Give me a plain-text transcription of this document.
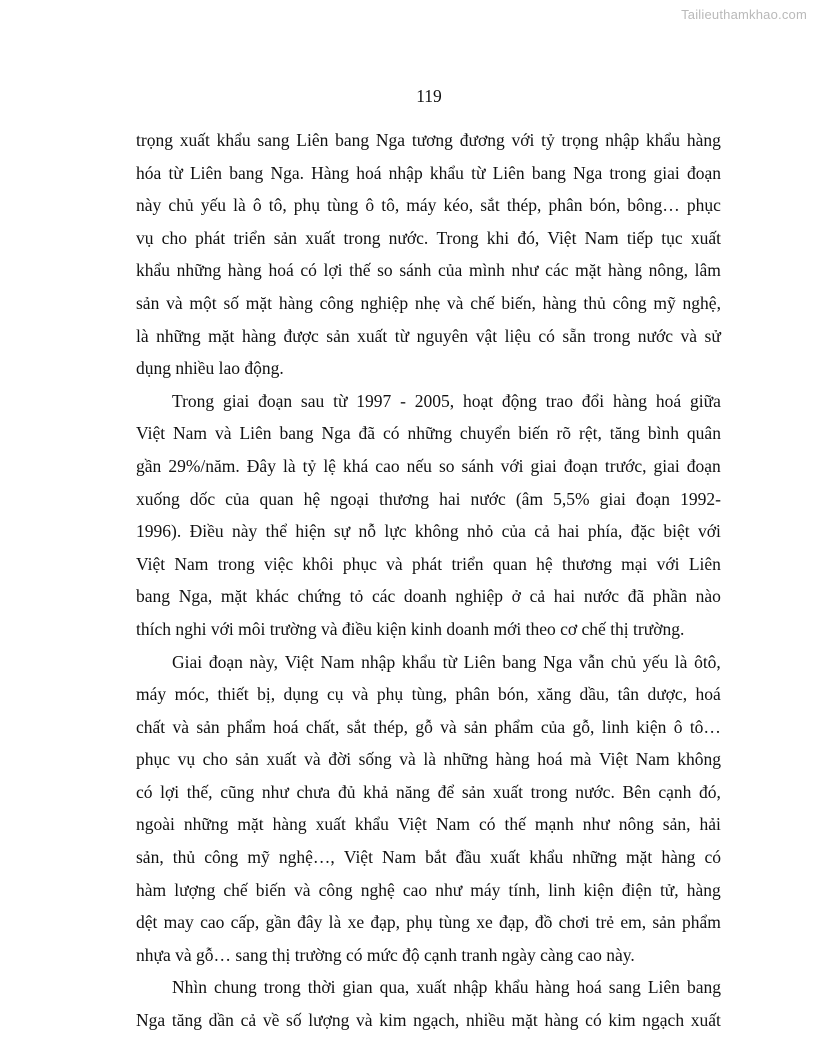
Tailieuthamkhao.com
119
trọng xuất khẩu sang Liên bang Nga tương đương với tỷ trọng nhập khẩu hàng
hóa từ Liên bang Nga. Hàng hoá nhập khẩu từ Liên bang Nga trong giai đoạn
này chủ yếu là ô tô, phụ tùng ô tô, máy kéo, sắt thép, phân bón, bông… phục
vụ cho phát triển sản xuất trong nước. Trong khi đó, Việt Nam tiếp tục xuất
khẩu những hàng hoá có lợi thế so sánh của mình như các mặt hàng nông, lâm
sản và một số mặt hàng công nghiệp nhẹ và chế biến, hàng thủ công mỹ nghệ,
là những mặt hàng được sản xuất từ nguyên vật liệu có sẵn trong nước và sử
dụng nhiều lao động.
Trong giai đoạn sau từ 1997 - 2005, hoạt động trao đổi hàng hoá giữa
Việt Nam và Liên bang Nga đã có những chuyển biến rõ rệt, tăng bình quân
gần 29%/năm. Đây là tỷ lệ khá cao nếu so sánh với giai đoạn trước, giai đoạn
xuống dốc của quan hệ ngoại thương hai nước (âm 5,5% giai đoạn 1992-
1996). Điều này thể hiện sự nỗ lực không nhỏ của cả hai phía, đặc biệt với
Việt Nam trong việc khôi phục và phát triển quan hệ thương mại với Liên
bang Nga, mặt khác chứng tỏ các doanh nghiệp ở cả hai nước đã phần nào
thích nghi với môi trường và điều kiện kinh doanh mới theo cơ chế thị trường.
Giai đoạn này, Việt Nam nhập khẩu từ Liên bang Nga vẫn chủ yếu là ôtô,
máy móc, thiết bị, dụng cụ và phụ tùng, phân bón, xăng dầu, tân dược, hoá
chất và sản phẩm hoá chất, sắt thép, gỗ và sản phẩm của gỗ, linh kiện ô tô…
phục vụ cho sản xuất và đời sống và là những hàng hoá mà Việt Nam không
có lợi thế, cũng như chưa đủ khả năng để sản xuất trong nước. Bên cạnh đó,
ngoài những mặt hàng xuất khẩu Việt Nam có thế mạnh như nông sản, hải
sản, thủ công mỹ nghệ…, Việt Nam bắt đầu xuất khẩu những mặt hàng có
hàm lượng chế biến và công nghệ cao như máy tính, linh kiện điện tử, hàng
dệt may cao cấp, gần đây là xe đạp, phụ tùng xe đạp, đồ chơi trẻ em, sản phẩm
nhựa và gỗ… sang thị trường có mức độ cạnh tranh ngày càng cao này.
Nhìn chung trong thời gian qua, xuất nhập khẩu hàng hoá sang Liên bang
Nga tăng dần cả về số lượng và kim ngạch, nhiều mặt hàng có kim ngạch xuất
